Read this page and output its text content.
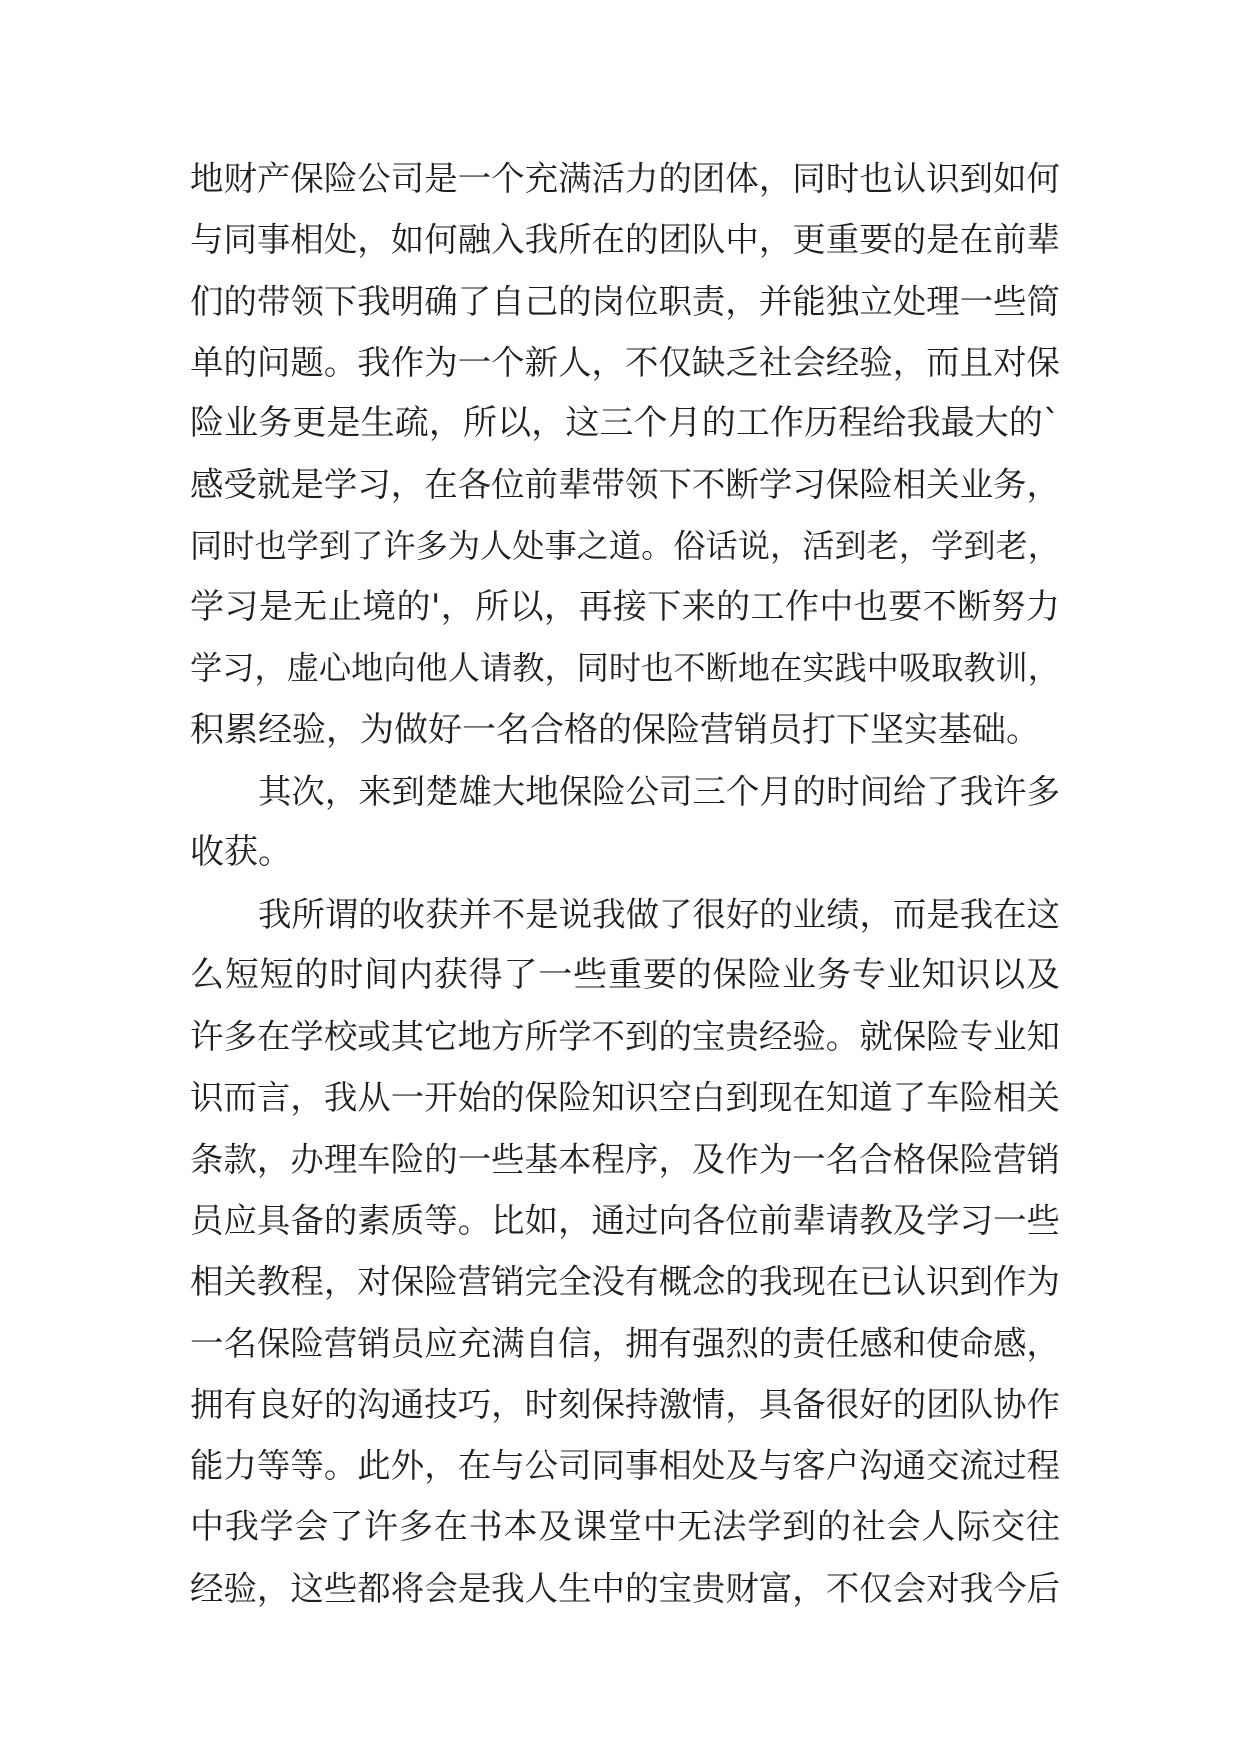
地财产保险公司是一个充满活力的团体，同时也认识到如何
与同事相处，如何融入我所在的团队中，更重要的是在前辈
们的带领下我明确了自己的岗位职责，并能独立处理一些简
单的问题。我作为一个新人，不仅缺乏社会经验，而且对保
险业务更是生疏，所以，这三个月的工作历程给我最大的`
感受就是学习，在各位前辈带领下不断学习保险相关业务，
同时也学到了许多为人处事之道。俗话说，活到老，学到老，
学习是无止境的'，所以，再接下来的工作中也要不断努力
学习，虚心地向他人请教，同时也不断地在实践中吸取教训，
积累经验，为做好一名合格的保险营销员打下坚实基础。
其次，来到楚雄大地保险公司三个月的时间给了我许多
收获。
我所谓的收获并不是说我做了很好的业绩，而是我在这
么短短的时间内获得了一些重要的保险业务专业知识以及
许多在学校或其它地方所学不到的宝贵经验。就保险专业知
识而言，我从一开始的保险知识空白到现在知道了车险相关
条款，办理车险的一些基本程序，及作为一名合格保险营销
员应具备的素质等。比如，通过向各位前辈请教及学习一些
相关教程，对保险营销完全没有概念的我现在已认识到作为
一名保险营销员应充满自信，拥有强烈的责任感和使命感，
拥有良好的沟通技巧，时刻保持激情，具备很好的团队协作
能力等等。此外，在与公司同事相处及与客户沟通交流过程
中我学会了许多在书本及课堂中无法学到的社会人际交往
经验，这些都将会是我人生中的宝贵财富，不仅会对我今后
